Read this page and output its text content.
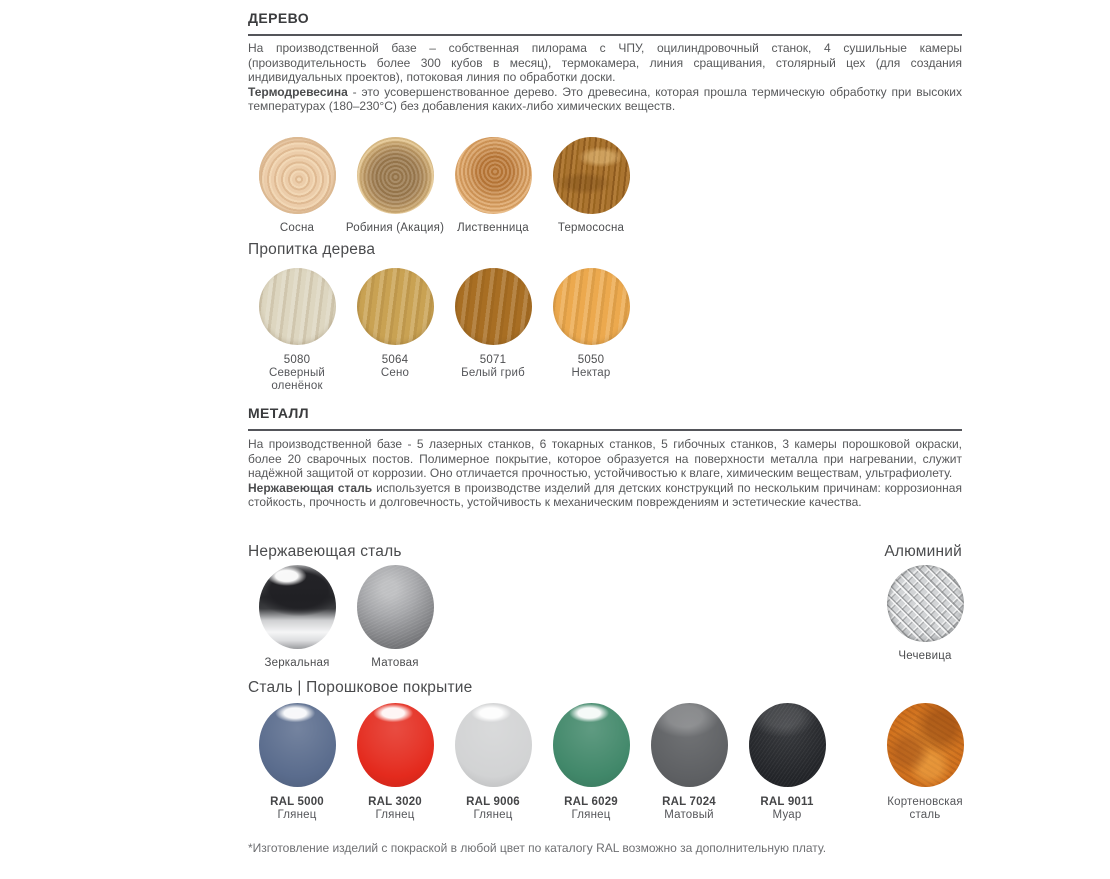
ДЕРЕВО

На производственной базе – собственная пилорама с ЧПУ, оцилиндровочный станок, 4 сушильные камеры (производительность более 300 кубов в месяц), термокамера, линия сращивания, столярный цех (для создания индивидуальных проектов), потоковая линия по обработки доски.

Термодревесина - это усовершенствованное дерево. Это древесина, которая прошла термическую обработку при высоких температурах (180–230°С) без добавления каких-либо химических веществ.

Сосна	Робиния (Акация) Лиственница	Термососна
Пропитка дерева
5080
Северный оленёнок
5064
Сено
5071
Белый гриб
5050
Нектар
МЕТАЛЛ

На производственной базе - 5 лазерных станков, 6 токарных станков, 5 гибочных станков, 3 камеры порошковой окраски, более 20 сварочных постов. Полимерное покрытие, которое образуется на поверхности металла при нагревании, служит надёжной защитой от коррозии. Оно отличается прочностью, устойчивостью к влаге, химическим веществам, ультрафиолету.

Нержавеющая сталь используется в производстве изделий для детских конструкций по нескольким причинам: коррозионная стойкость, прочность и долговечность, устойчивость к механическим повреждениям и эстетические качества.

Нержавеющая сталь	Алюминий
Зеркальная	Матовая
Чечевица
Сталь | Порошковое покрытие
RAL 5000
Глянец
RAL 3020
Глянец
RAL 9006
Глянец
RAL 6029
Глянец
RAL 7024
Матовый
RAL 9011
Муар
Кортеновская сталь
*Изготовление изделий с покраской в любой цвет по каталогу RAL возможно за дополнительную плату.
